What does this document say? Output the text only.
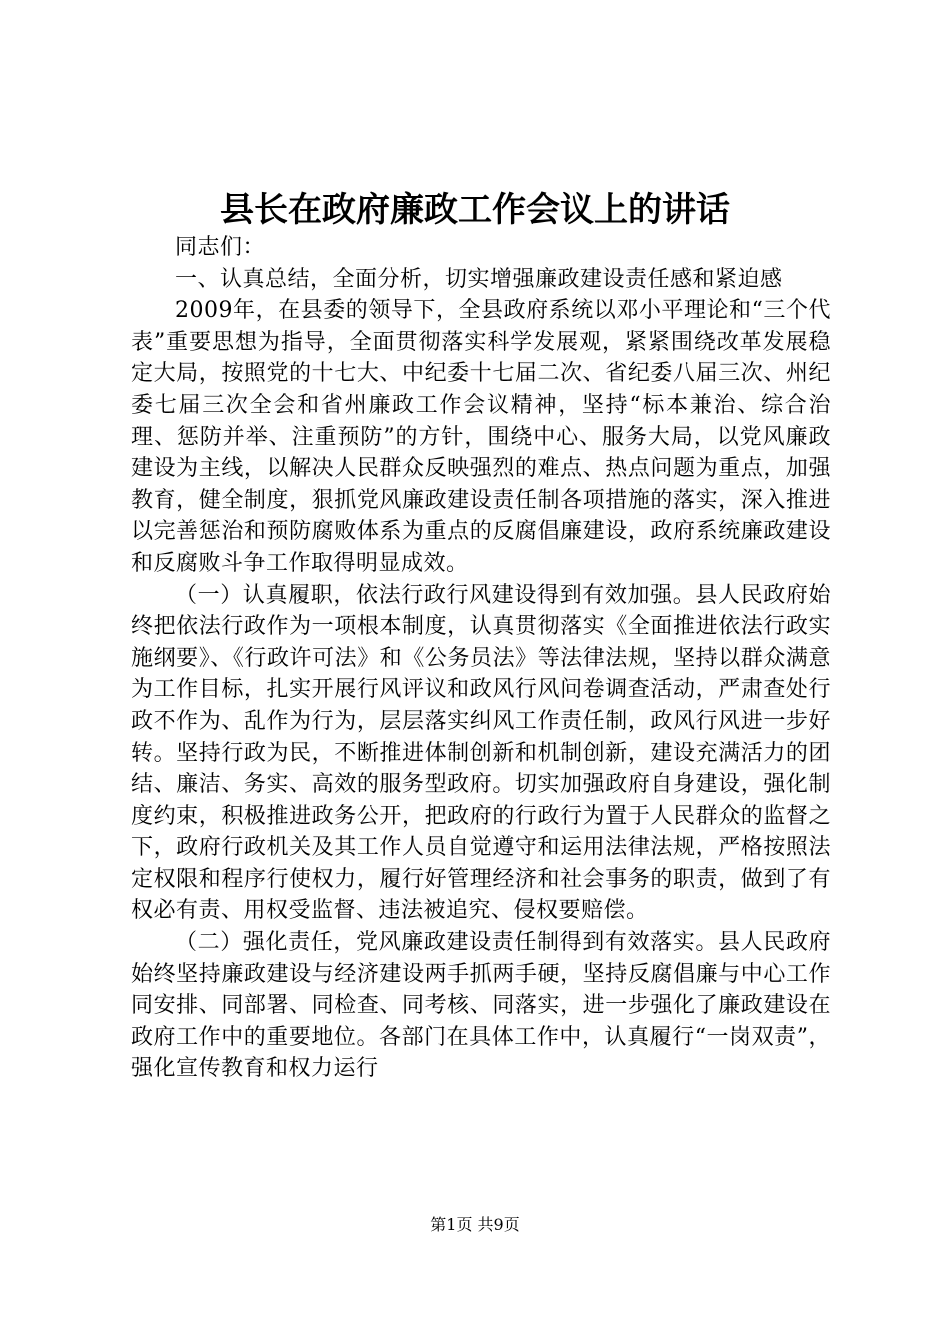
县长在政府廉政工作会议上的讲话

同志们：

一、认真总结，全面分析，切实增强廉政建设责任感和紧迫感

2009年，在县委的领导下，全县政府系统以邓小平理论和“三个代表”重要思想为指导，全面贯彻落实科学发展观，紧紧围绕改革发展稳定大局，按照党的十七大、中纪委十七届二次、省纪委八届三次、州纪委七届三次全会和省州廉政工作会议精神，坚持“标本兼治、综合治理、惩防并举、注重预防”的方针，围绕中心、服务大局，以党风廉政建设为主线，以解决人民群众反映强烈的难点、热点问题为重点，加强教育，健全制度，狠抓党风廉政建设责任制各项措施的落实，深入推进以完善惩治和预防腐败体系为重点的反腐倡廉建设，政府系统廉政建设和反腐败斗争工作取得明显成效。

（一）认真履职，依法行政行风建设得到有效加强。县人民政府始终把依法行政作为一项根本制度，认真贯彻落实《全面推进依法行政实施纲要》、《行政许可法》和《公务员法》等法律法规，坚持以群众满意为工作目标，扎实开展行风评议和政风行风问卷调查活动，严肃查处行政不作为、乱作为行为，层层落实纠风工作责任制，政风行风进一步好转。坚持行政为民，不断推进体制创新和机制创新，建设充满活力的团结、廉洁、务实、高效的服务型政府。切实加强政府自身建设，强化制度约束，积极推进政务公开，把政府的行政行为置于人民群众的监督之下，政府行政机关及其工作人员自觉遵守和运用法律法规，严格按照法定权限和程序行使权力，履行好管理经济和社会事务的职责，做到了有权必有责、用权受监督、违法被追究、侵权要赔偿。

（二）强化责任，党风廉政建设责任制得到有效落实。县人民政府始终坚持廉政建设与经济建设两手抓两手硬，坚持反腐倡廉与中心工作同安排、同部署、同检查、同考核、同落实，进一步强化了廉政建设在政府工作中的重要地位。各部门在具体工作中，认真履行“一岗双责”，强化宣传教育和权力运行

第1页 共9页
